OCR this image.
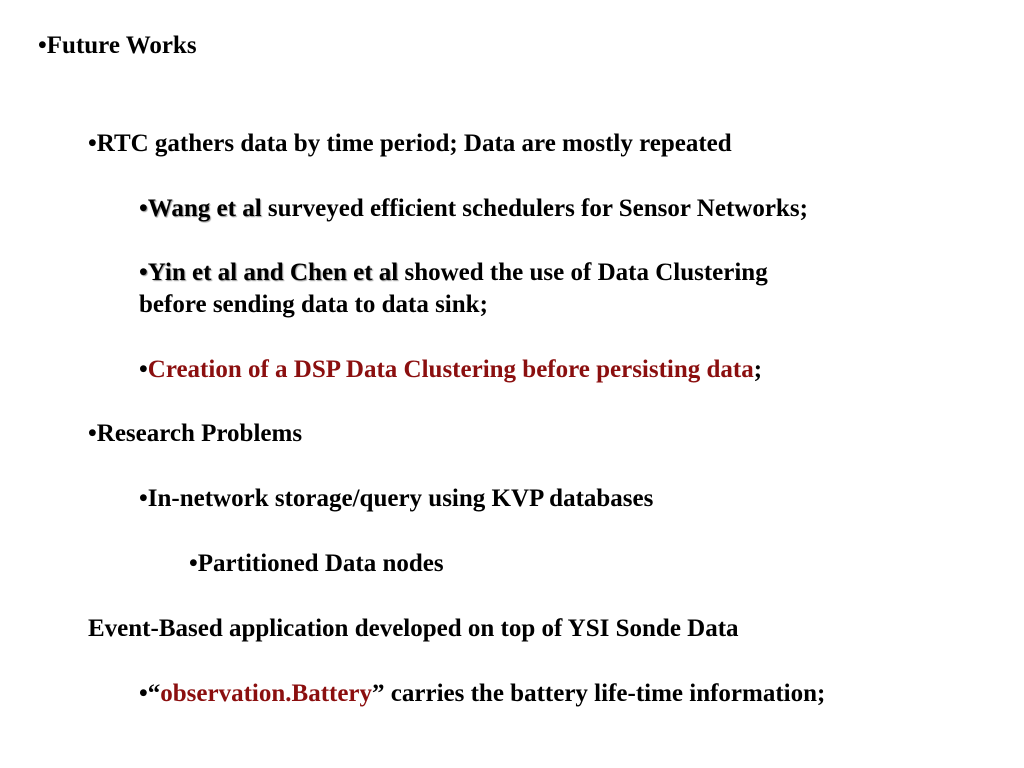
•Future Works
•RTC gathers data by time period; Data are mostly repeated
•Wang et al surveyed efficient schedulers for Sensor Networks;
•Yin et al and Chen et al showed the use of Data Clustering
before sending data to data sink;
•Creation of a DSP Data Clustering before persisting data;
•Research Problems
•In-network storage/query using KVP databases
•Partitioned Data nodes
Event-Based application developed on top of YSI Sonde Data
•“observation.Battery” carries the battery life-time information;
